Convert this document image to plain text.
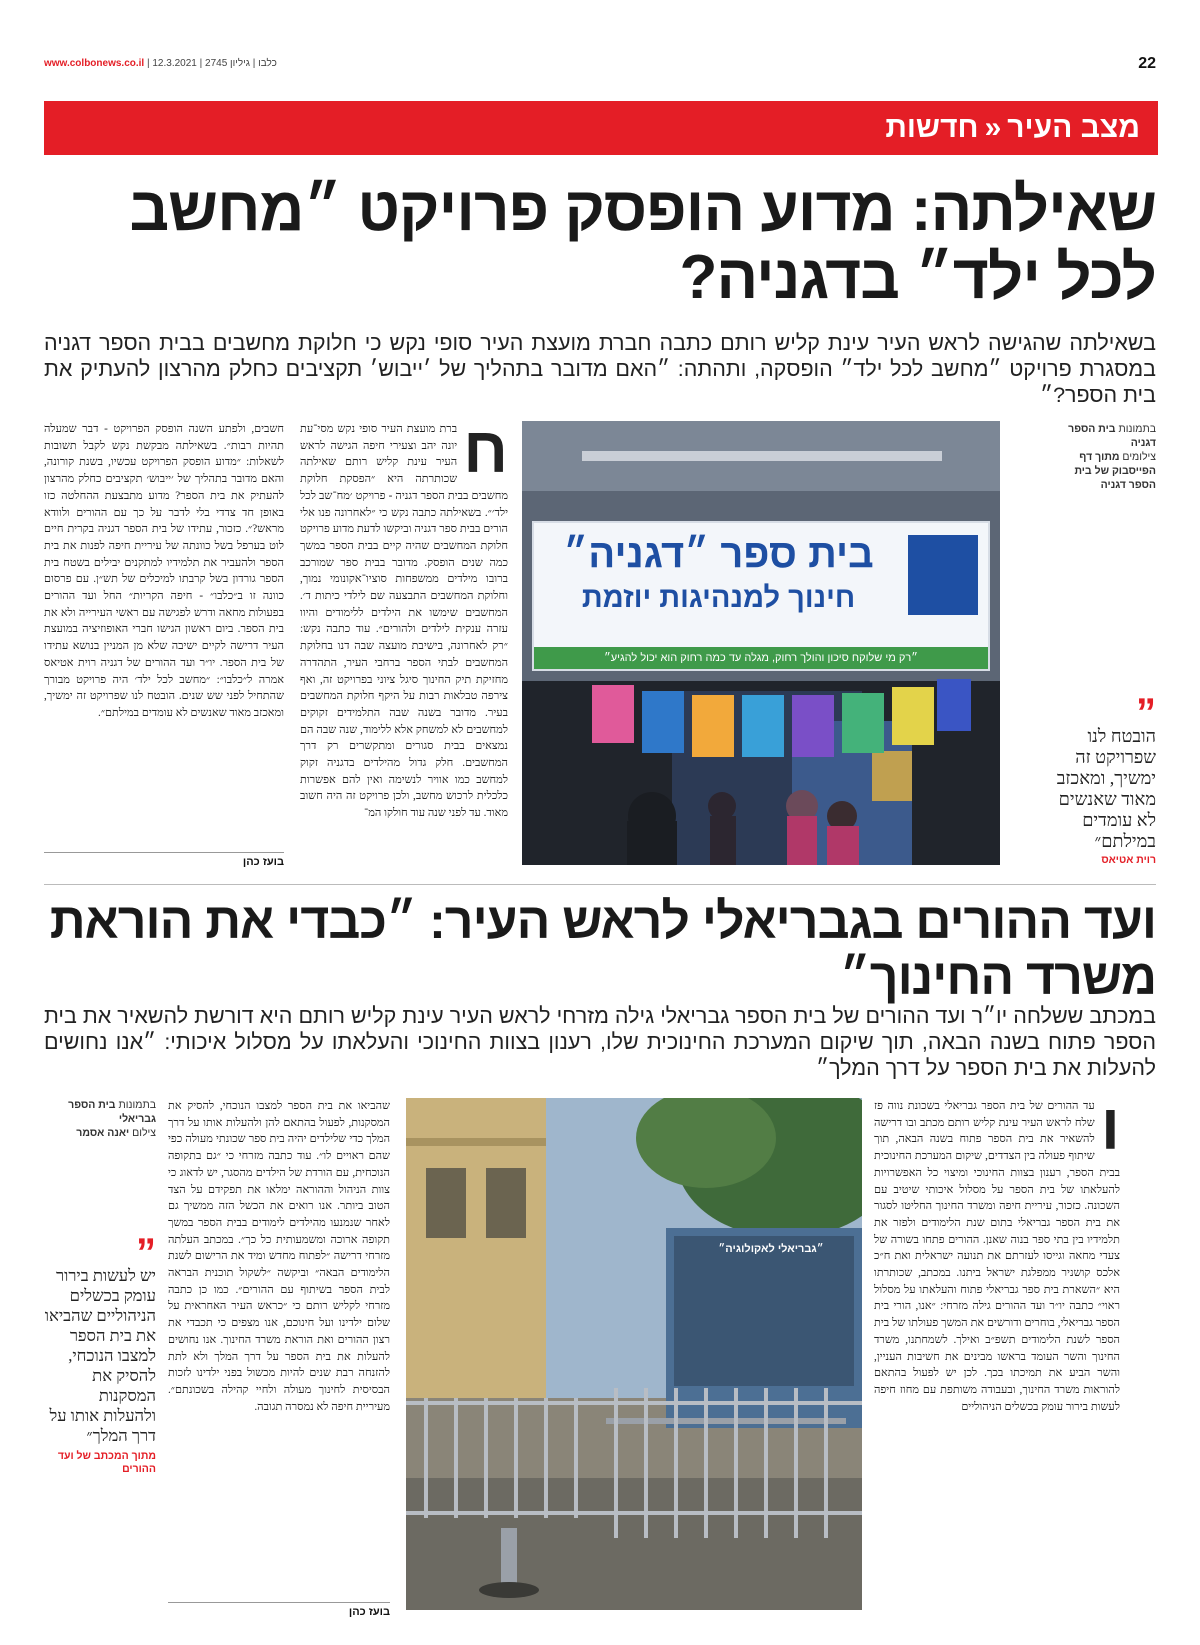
www.colbonews.co.il | כלבו | גיליון 2745 | 12.3.2021	22
מצב העיר«חדשות
שאילתה: מדוע הופסק פרויקט ״מחשב לכל ילד״ בדגניה?
בשאילתה שהגישה לראש העיר עינת קליש רותם כתבה חברת מועצת העיר סופי נקש כי חלוקת מחשבים בבית הספר דגניה במסגרת פרויקט ״מחשב לכל ילד״ הופסקה, ותהתה: ״האם מדובר בתהליך של ׳ייבוש׳ תקציבים כחלק מהרצון להעתיק את בית הספר?״
בתמונות בית הספר דגניה
צילומים מתוך דף הפייסבוק של בית הספר דגניה
”
הובטח לנו שפרויקט זה ימשיך, ומאכזב מאוד שאנשים לא עומדים במילתם״
רוית אטיאס
בית ספר ״דגניה״
חינוך למנהיגות יוזמת
״רק מי שלוקח סיכון והולך רחוק, מגלה עד כמה רחוק הוא יכול להגיע״
ח
ברת מועצת העיר סופי נקש מסי־עת יונה יהב וצעירי חיפה הגישה לראש העיר עינת קליש רותם שאילתה שכותרתה היא ״הפסקת חלוקת מחשבים בבית הספר דגניה - פרויקט ׳מח־שב לכל ילד׳״. בשאילתה כתבה נקש כי ״לאחרונה פנו אלי הורים בבית ספר דגניה וביקשו לדעת מדוע פרויקט חלוקת המחשבים שהיה קיים בבית הספר במשך כמה שנים הופסק. מדובר בבית ספר שמורכב ברובו מילדים ממשפחות סוציו־אקונומי נמוך, וחלוקת המחשבים התבצעה שם לילדי כיתות ד׳. המחשבים שימשו את הילדים ללימודים והיוו עזרה ענקית לילדים ולהורים״. עוד כתבה נקש: ״רק לאחרונה, בישיבת מועצה שבה דנו בחלוקת המחשבים לבתי הספר ברחבי העיר, התהדרה מחזיקת תיק החינוך סיגל ציוני בפרויקט זה, ואף צירפה טבלאות רבות על היקף חלוקת המחשבים בעיר. מדובר בשנה שבה התלמידים זקוקים למחשבים לא למשחק אלא ללימוד, שנה שבה הם נמצאים בבית סגורים ומתקשרים רק דרך המחשבים. חלק גדול מהילדים בדגניה זקוק למחשב כמו אוויר לנשימה ואין להם אפשרות כלכלית לרכוש מחשב, ולכן פרויקט זה היה חשוב מאוד. עד לפני שנה עוד חולקו המ־
חשבים, ולפתע השנה הופסק הפרויקט - דבר שמעלה תהיות רבות״. בשאילתה מבקשת נקש לקבל תשובות לשאלות: ״מדוע הופסק הפרויקט עכשיו, בשנת קורונה, והאם מדובר בתהליך של ׳ייבוש׳ תקציבים כחלק מהרצון להעתיק את בית הספר? מדוע מתבצעת ההחלטה כזו באופן חד צדדי בלי לדבר על כך עם ההורים ולוודא מראש?״. כזכור, עתידו של בית הספר דגניה בקרית חיים לוט בערפל בשל כוונתה של עיריית חיפה לפנות את בית הספר ולהעביר את תלמידיו למתקנים יבילים בשטח בית הספר גורדון בשל קרבתו למיכלים של תש״ן. עם פרסום כוונה זו ב״כלבו״ - חיפה הקריות״ החל ועד ההורים בפעולות מחאה ודרש לפגישה עם ראשי העירייה ולא את בית הספר. ביום ראשון הגישו חברי האופוזיציה במועצת העיר דרישה לקיים ישיבה שלא מן המניין בנושא עתידו של בית הספר. יו״ר ועד ההורים של דגניה רוית אטיאס אמרה ל״כלבו״: ״מחשב לכל ילד׳ היה פרויקט מבורך שהתחיל לפני שש שנים. הובטח לנו שפרויקט זה ימשיך, ומאכזב מאוד שאנשים לא עומדים במילתם״.
בועז כהן
ועד ההורים בגבריאלי לראש העיר: ״כבדי את הוראת משרד החינוך״
במכתב ששלחה יו״ר ועד ההורים של בית הספר גבריאלי גילה מזרחי לראש העיר עינת קליש רותם היא דורשת להשאיר את בית הספר פתוח בשנה הבאה, תוך שיקום המערכת החינוכית שלו, רענון בצוות החינוכי והעלאתו על מסלול איכותי: ״אנו נחושים להעלות את בית הספר על דרך המלך״
ו
עד ההורים של בית הספר גבריאלי בשכונת נווה פז שלח לראש העיר עינת קליש רותם מכתב ובו דרישה להשאיר את בית הספר פתוח בשנה הבאה, תוך שיתוף פעולה בין הצדדים, שיקום המערכת החינוכית בבית הספר, רענון בצוות החינוכי ומיצוי כל האפשרויות להעלאתו של בית הספר על מסלול איכותי שיטיב עם השכונה. כזכור, עיריית חיפה ומשרד החינוך החליטו לסגור את בית הספר גבריאלי בתום שנת הלימודים ולפזר את תלמידיו בין בתי ספר בנוה שאנן. ההורים פתחו בשורה של צעדי מחאה וגייסו לעזרתם את תנועה ישראלית ואת ח״כ אלכס קושניר ממפלגת ישראל ביתנו. במכתב, שכותרתו היא ״השארת בית ספר גבריאלי פתוח והעלאתו על מסלול ראוי״ כתבה יו״ר ועד ההורים גילה מזרחי: ״אנו, הורי בית הספר גבריאלי, בוחרים ודורשים את המשך פעולתו של בית הספר לשנת הלימודים תשפ״ב ואילך. לשמחתנו, משרד החינוך והשר העומד בראשו מבינים את חשיבות העניין, והשר הביע את תמיכתו בכך. לכן יש לפעול בהתאם להוראות משרד החינוך, ובעבודה משותפת עם מחוז חיפה לעשות בירור עומק בכשלים הניהוליים
״גבריאלי לאקולוגיה״
שהביאו את בית הספר למצבו הנוכחי, להסיק את המסקנות, לפעול בהתאם להן ולהעלות אותו על דרך המלך כדי שלילדים יהיה בית ספר שכונתי מעולה כפי שהם ראויים לו״. עוד כתבה מזרחי כי ״גם בתקופה הנוכחית, עם הורדת של הילדים מהסגר, יש לדאוג כי צוות הניהול וההוראה ימלאו את תפקידם על הצד הטוב ביותר. אנו רואים את הכשל הזה ממשיך גם לאחר שנמנעו מהילדים לימודים בבית הספר במשך תקופה ארוכה ומשמעותית כל כך״. במכתב העלתה מזרחי דרישה ״לפתוח מחדש ומיד את הרישום לשנת הלימודים הבאה״ וביקשה ״לשקול תוכנית הבראה לבית הספר בשיתוף עם ההורים״. כמו כן כתבה מזרחי לקליש רותם כי ״כראש העיר האחראית על שלום ילדינו ועל חינוכם, אנו מצפים כי תכבדי את רצון ההורים ואת הוראת משרד החינוך. אנו נחושים להעלות את בית הספר על דרך המלך ולא לתת להזנחה רבת שנים להיות מכשול בפני ילדינו לזכות הבסיסית לחינוך מעולה ולחיי קהילה בשכונתם״. מעיריית חיפה לא נמסרה תגובה.
בועז כהן
בתמונות בית הספר גבריאלי
צילום יאנה אסמר
”
יש לעשות בירור עומק בכשלים הניהוליים שהביאו את בית הספר למצבו הנוכחי, להסיק את המסקנות ולהעלות אותו על דרך המלך״
מתוך המכתב של ועד ההורים
